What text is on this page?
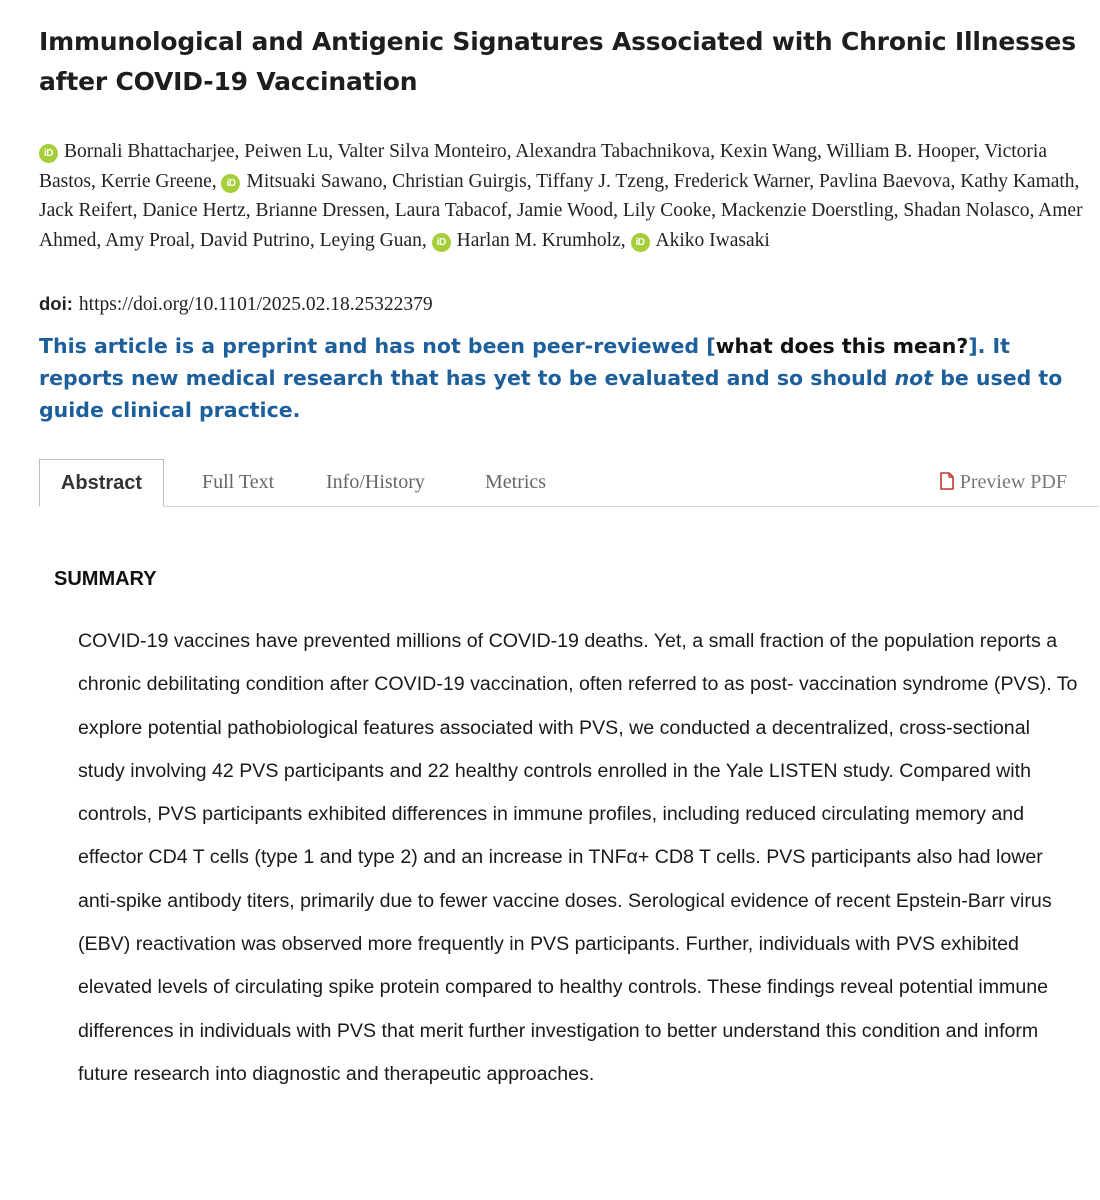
Immunological and Antigenic Signatures Associated with Chronic Illnesses after COVID-19 Vaccination

iD Bornali Bhattacharjee, Peiwen Lu, Valter Silva Monteiro, Alexandra Tabachnikova, Kexin Wang, William B. Hooper, Victoria Bastos, Kerrie Greene, iD Mitsuaki Sawano, Christian Guirgis, Tiffany J. Tzeng, Frederick Warner, Pavlina Baevova, Kathy Kamath, Jack Reifert, Danice Hertz, Brianne Dressen, Laura Tabacof, Jamie Wood, Lily Cooke, Mackenzie Doerstling, Shadan Nolasco, Amer Ahmed, Amy Proal, David Putrino, Leying Guan, iD Harlan M. Krumholz, iD Akiko Iwasaki

doi: https://doi.org/10.1101/2025.02.18.25322379

This article is a preprint and has not been peer-reviewed [what does this mean?]. It reports new medical research that has yet to be evaluated and so should not be used to guide clinical practice.

Abstract	Full Text	Info/History	Metrics	Preview PDF
SUMMARY

COVID-19 vaccines have prevented millions of COVID-19 deaths. Yet, a small fraction of the population reports a chronic debilitating condition after COVID-19 vaccination, often referred to as post- vaccination syndrome (PVS). To explore potential pathobiological features associated with PVS, we conducted a decentralized, cross-sectional study involving 42 PVS participants and 22 healthy controls enrolled in the Yale LISTEN study. Compared with controls, PVS participants exhibited differences in immune profiles, including reduced circulating memory and effector CD4 T cells (type 1 and type 2) and an increase in TNFα+ CD8 T cells. PVS participants also had lower anti-spike antibody titers, primarily due to fewer vaccine doses. Serological evidence of recent Epstein-Barr virus (EBV) reactivation was observed more frequently in PVS participants. Further, individuals with PVS exhibited elevated levels of circulating spike protein compared to healthy controls. These findings reveal potential immune differences in individuals with PVS that merit further investigation to better understand this condition and inform future research into diagnostic and therapeutic approaches.
